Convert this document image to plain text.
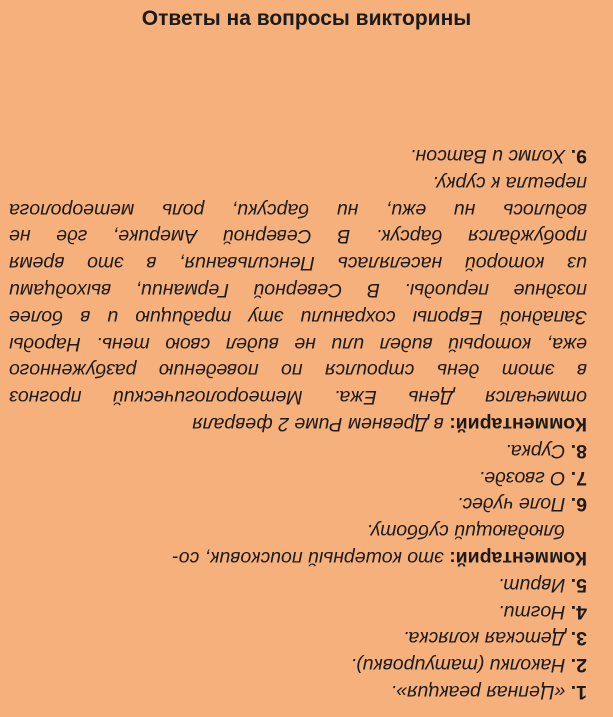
Ответы на вопросы викторины
1. «Цепная реакция».
2. Наколки (татуировки).
3. Детская коляска.
4. Ногти.
5. Иврит.
Комментарий: это кошерный поисковик, со-
блюдающий субботу.
6. Поле чудес.
7. О гвозде.
8. Сурка.
Комментарий: в Древнем Риме 2 февраля
отмечался День Ежа. Метеорологический прогноз
в этот день строился по поведению разбуженного
ежа, который видел или не видел свою тень. Народы
Западной Европы сохранили эту традицию и в более
поздние периоды. В Северной Германии, выходцами
из которой населялась Пенсильвания, в это время
пробуждался барсук. В Северной Америке, где не
водилось ни ежи, ни барсуки, роль метеоролога
перешла к сурку.
9. Холмс и Ватсон.
